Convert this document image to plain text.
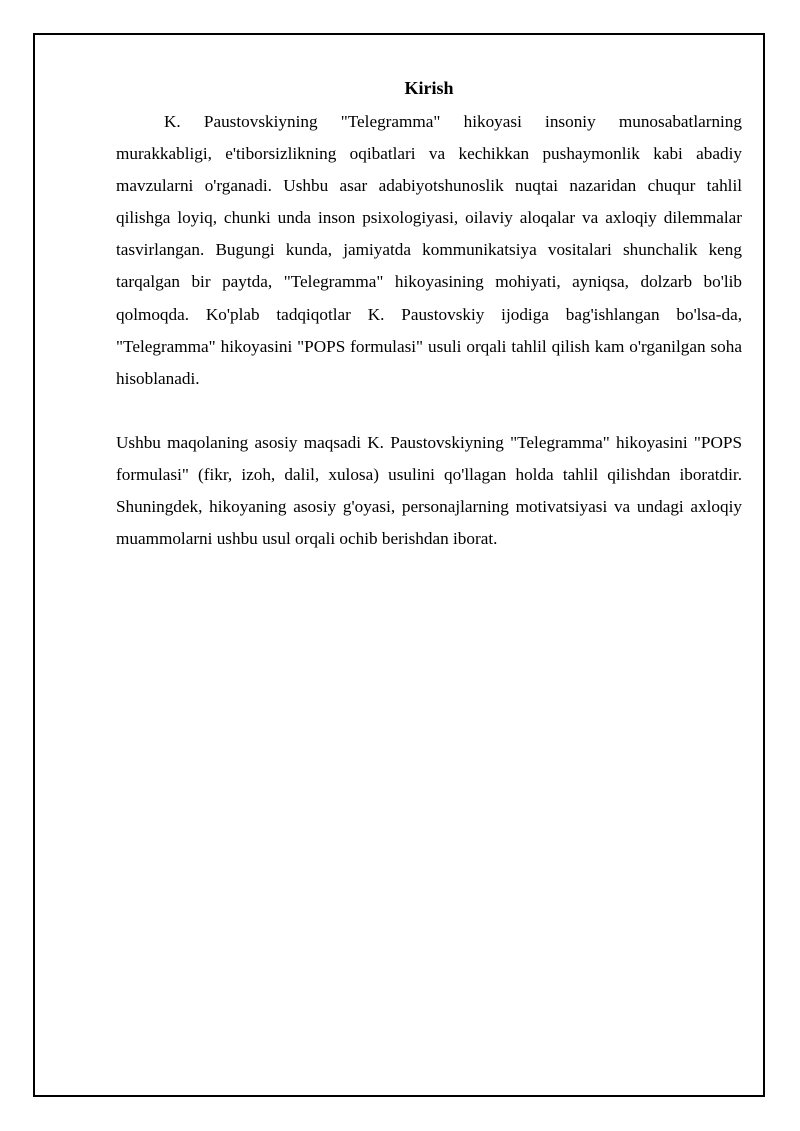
Kirish

K. Paustovskiyning "Telegramma" hikoyasi insoniy munosabatlarning murakkabligi, e'tiborsizlikning oqibatlari va kechikkan pushaymonlik kabi abadiy mavzularni o'rganadi. Ushbu asar adabiyotshunoslik nuqtai nazaridan chuqur tahlil qilishga loyiq, chunki unda inson psixologiyasi, oilaviy aloqalar va axloqiy dilemmalar tasvirlangan. Bugungi kunda, jamiyatda kommunikatsiya vositalari shunchalik keng tarqalgan bir paytda, "Telegramma" hikoyasining mohiyati, ayniqsa, dolzarb bo'lib qolmoqda. Ko'plab tadqiqotlar K. Paustovskiy ijodiga bag'ishlangan bo'lsa-da, "Telegramma" hikoyasini "POPS formulasi" usuli orqali tahlil qilish kam o'rganilgan soha hisoblanadi.

Ushbu maqolaning asosiy maqsadi K. Paustovskiyning "Telegramma" hikoyasini "POPS formulasi" (fikr, izoh, dalil, xulosa) usulini qo'llagan holda tahlil qilishdan iboratdir. Shuningdek, hikoyaning asosiy g'oyasi, personajlarning motivatsiyasi va undagi axloqiy muammolarni ushbu usul orqali ochib berishdan iborat.
